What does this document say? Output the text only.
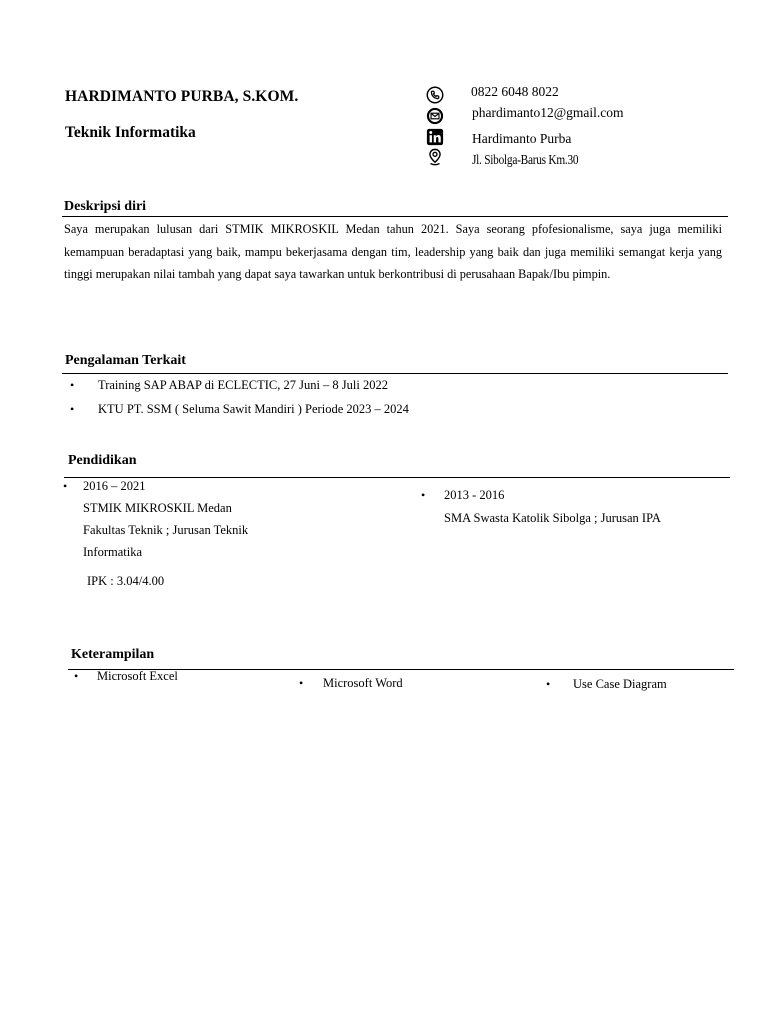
HARDIMANTO PURBA, S.KOM.
Teknik Informatika
0822 6048 8022
phardimanto12@gmail.com
Hardimanto Purba
Jl. Sibolga-Barus Km.30
Deskripsi diri
Saya merupakan lulusan dari STMIK MIKROSKIL Medan tahun 2021. Saya seorang pfofesionalisme, saya juga memiliki kemampuan beradaptasi yang baik, mampu bekerjasama dengan tim, leadership yang baik dan juga memiliki semangat kerja yang tinggi merupakan nilai tambah yang dapat saya tawarkan untuk berkontribusi di perusahaan Bapak/Ibu pimpin.
Pengalaman Terkait
• Training SAP ABAP di ECLECTIC, 27 Juni – 8 Juli 2022
• KTU PT. SSM ( Seluma Sawit Mandiri ) Periode 2023 – 2024
Pendidikan
• 2016 – 2021
STMIK MIKROSKIL Medan
Fakultas Teknik ; Jurusan Teknik
Informatika
IPK : 3.04/4.00
• 2013 - 2016
SMA Swasta Katolik Sibolga ; Jurusan IPA
Keterampilan
• Microsoft Excel	• Microsoft Word	• Use Case Diagram
